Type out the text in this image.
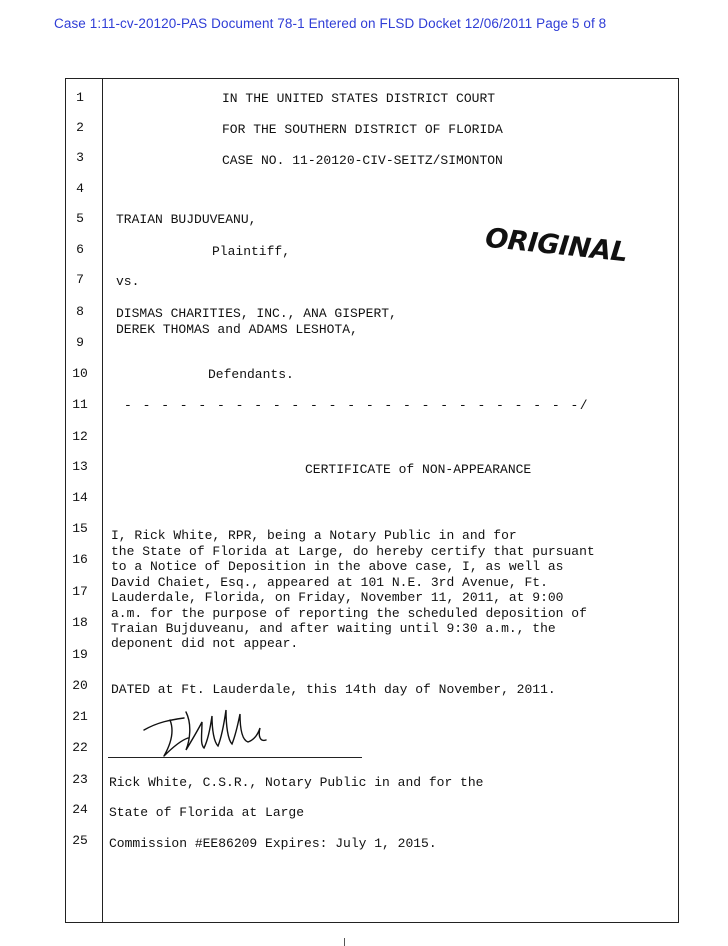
Case 1:11-cv-20120-PAS Document 78-1 Entered on FLSD Docket 12/06/2011 Page 5 of 8
1
2
3
4
5
6
7
8
9
10
11
12
13
14
15
16
17
18
19
20
21
22
23
24
25
IN THE UNITED STATES DISTRICT COURT
FOR THE SOUTHERN DISTRICT OF FLORIDA
CASE NO. 11-20120-CIV-SEITZ/SIMONTON
TRAIAN BUJDUVEANU,
Plaintiff,
vs.
DISMAS CHARITIES, INC., ANA GISPERT,
DEREK THOMAS and ADAMS LESHOTA,
Defendants.
- - - - - - - - - - - - - - - - - - - - - - - - -/
ORIGINAL
CERTIFICATE of NON-APPEARANCE
I, Rick White, RPR, being a Notary Public in and for
the State of Florida at Large, do hereby certify that pursuant
to a Notice of Deposition in the above case, I, as well as
David Chaiet, Esq., appeared at 101 N.E. 3rd Avenue, Ft.
Lauderdale, Florida, on Friday, November 11, 2011, at 9:00
a.m. for the purpose of reporting the scheduled deposition of
Traian Bujduveanu, and after waiting until 9:30 a.m., the
deponent did not appear.
DATED at Ft. Lauderdale, this 14th day of November, 2011.
Rick White, C.S.R., Notary Public in and for the
State of Florida at Large
Commission #EE86209 Expires: July 1, 2015.
